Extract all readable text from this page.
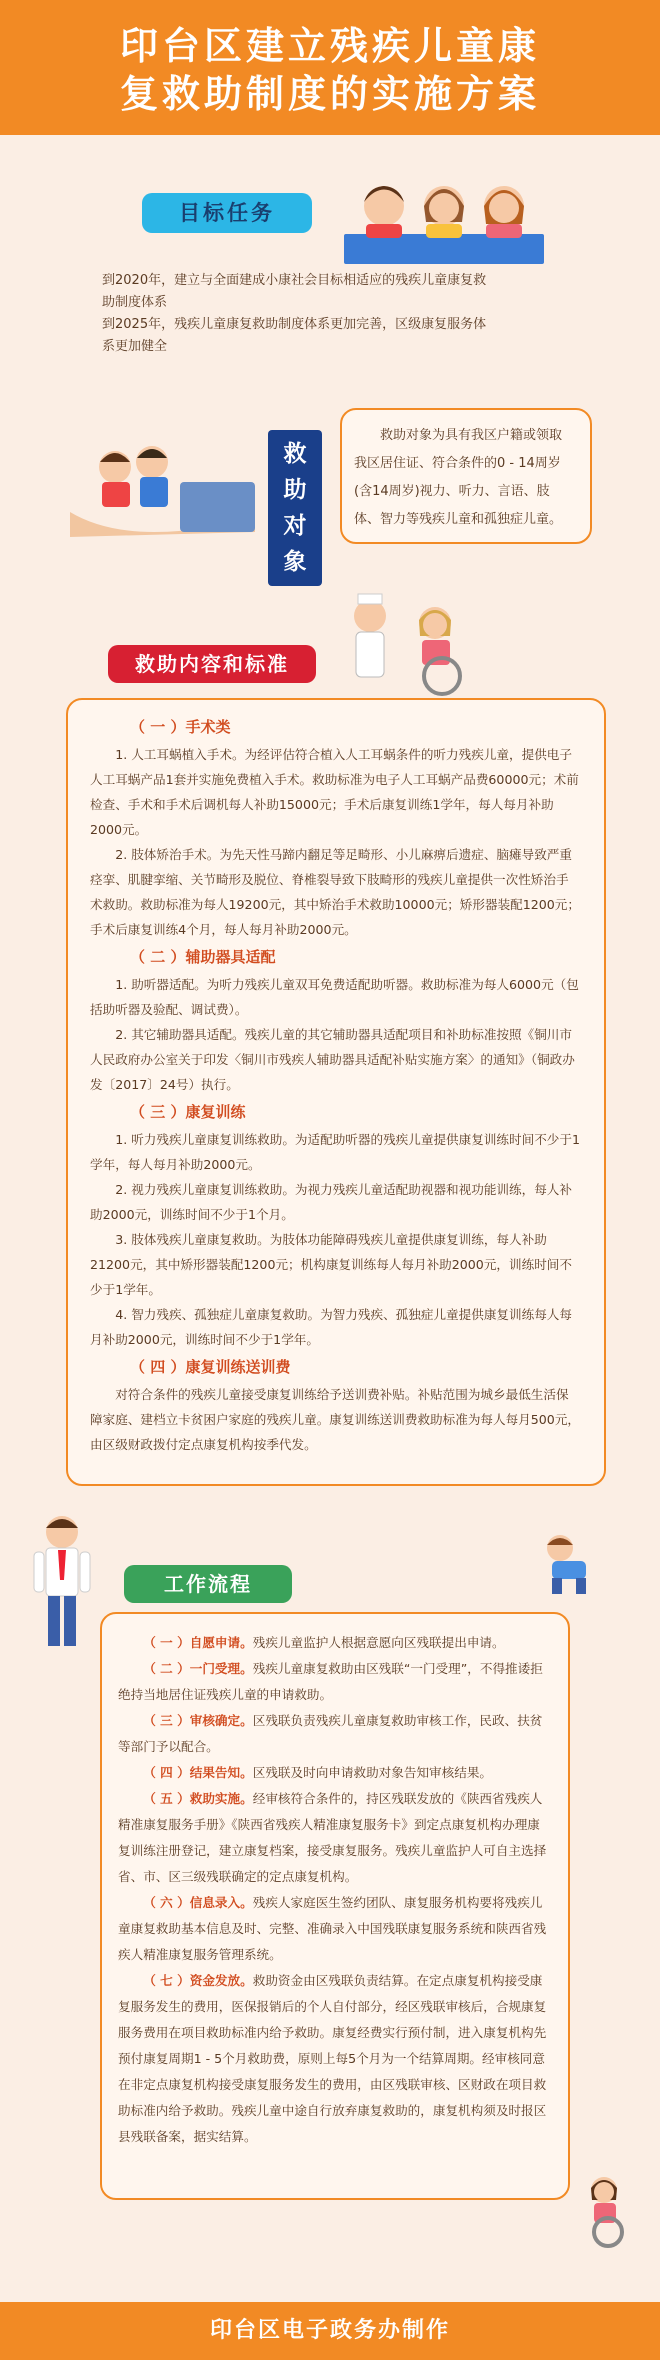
印台区建立残疾儿童康
复救助制度的实施方案
目标任务
到2020年，建立与全面建成小康社会目标相适应的残疾儿童康复救
助制度体系
到2025年，残疾儿童康复救助制度体系更加完善，区级康复服务体
系更加健全
救
助
对
象
救助对象为具有我区户籍或领取
我区居住证、符合条件的0 - 14周岁
(含14周岁)视力、听力、言语、肢
体、智力等残疾儿童和孤独症儿童。
救助内容和标准
（ 一 ）手术类
1. 人工耳蜗植入手术。为经评估符合植入人工耳蜗条件的听力残疾儿童，提供电子人工耳蜗产品1套并实施免费植入手术。救助标准为电子人工耳蜗产品费60000元；术前检查、手术和手术后调机每人补助15000元；手术后康复训练1学年，每人每月补助2000元。
2. 肢体矫治手术。为先天性马蹄内翻足等足畸形、小儿麻痹后遗症、脑瘫导致严重痉挛、肌腱挛缩、关节畸形及脱位、脊椎裂导致下肢畸形的残疾儿童提供一次性矫治手术救助。救助标准为每人19200元，其中矫治手术救助10000元；矫形器装配1200元；手术后康复训练4个月，每人每月补助2000元。
（ 二 ）辅助器具适配
1. 助听器适配。为听力残疾儿童双耳免费适配助听器。救助标准为每人6000元（包括助听器及验配、调试费）。
2. 其它辅助器具适配。残疾儿童的其它辅助器具适配项目和补助标准按照《铜川市人民政府办公室关于印发〈铜川市残疾人辅助器具适配补贴实施方案〉的通知》（铜政办发〔2017〕24号）执行。
（ 三 ）康复训练
1. 听力残疾儿童康复训练救助。为适配助听器的残疾儿童提供康复训练时间不少于1学年，每人每月补助2000元。
2. 视力残疾儿童康复训练救助。为视力残疾儿童适配助视器和视功能训练，每人补助2000元，训练时间不少于1个月。
3. 肢体残疾儿童康复救助。为肢体功能障碍残疾儿童提供康复训练，每人补助21200元，其中矫形器装配1200元；机构康复训练每人每月补助2000元，训练时间不少于1学年。
4. 智力残疾、孤独症儿童康复救助。为智力残疾、孤独症儿童提供康复训练每人每月补助2000元，训练时间不少于1学年。
（ 四 ）康复训练送训费
对符合条件的残疾儿童接受康复训练给予送训费补贴。补贴范围为城乡最低生活保障家庭、建档立卡贫困户家庭的残疾儿童。康复训练送训费救助标准为每人每月500元，由区级财政拨付定点康复机构按季代发。
工作流程
（ 一 ）自愿申请。残疾儿童监护人根据意愿向区残联提出申请。
（ 二 ）一门受理。残疾儿童康复救助由区残联“一门受理”，不得推诿拒绝持当地居住证残疾儿童的申请救助。
（ 三 ）审核确定。区残联负责残疾儿童康复救助审核工作，民政、扶贫等部门予以配合。
（ 四 ）结果告知。区残联及时向申请救助对象告知审核结果。
（ 五 ）救助实施。经审核符合条件的，持区残联发放的《陕西省残疾人精准康复服务手册》《陕西省残疾人精准康复服务卡》到定点康复机构办理康复训练注册登记，建立康复档案，接受康复服务。残疾儿童监护人可自主选择省、市、区三级残联确定的定点康复机构。
（ 六 ）信息录入。残疾人家庭医生签约团队、康复服务机构要将残疾儿童康复救助基本信息及时、完整、准确录入中国残联康复服务系统和陕西省残疾人精准康复服务管理系统。
（ 七 ）资金发放。救助资金由区残联负责结算。在定点康复机构接受康复服务发生的费用，医保报销后的个人自付部分，经区残联审核后，合规康复服务费用在项目救助标准内给予救助。康复经费实行预付制，进入康复机构先预付康复周期1 - 5个月救助费，原则上每5个月为一个结算周期。经审核同意在非定点康复机构接受康复服务发生的费用，由区残联审核、区财政在项目救助标准内给予救助。残疾儿童中途自行放弃康复救助的，康复机构须及时报区县残联备案，据实结算。
印台区电子政务办制作
